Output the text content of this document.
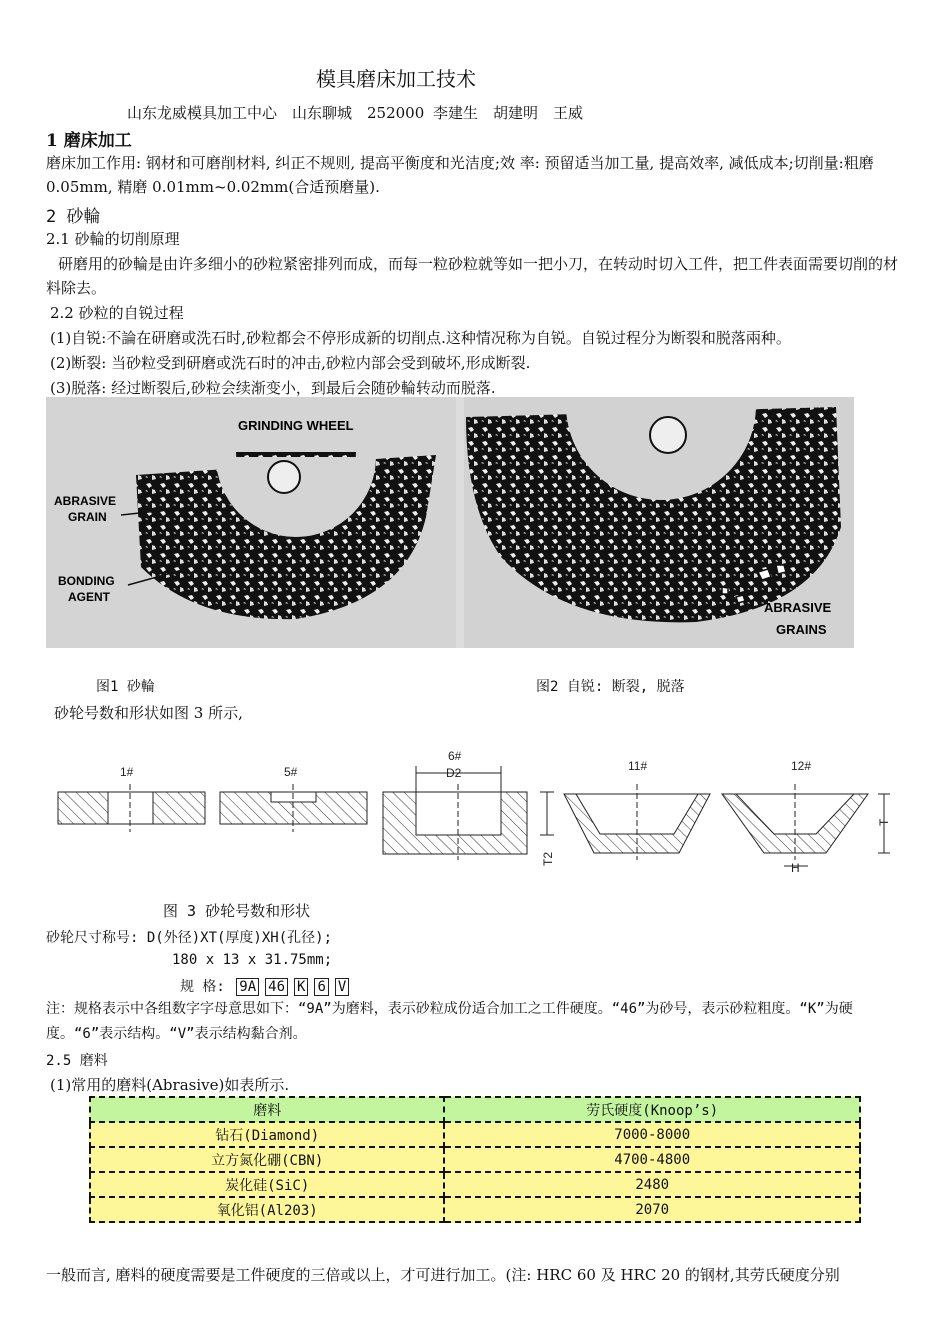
模具磨床加工技术
山东龙威模具加工中心　山东聊城　252000 李建生　胡建明　王威
1 磨床加工
磨床加工作用: 钢材和可磨削材料, 纠正不规则, 提高平衡度和光洁度;效 率: 预留适当加工量, 提高效率, 减低成本;切削量:粗磨 0.05mm, 精磨 0.01mm~0.02mm(合适预磨量).
2 砂輪
2.1 砂輪的切削原理
研磨用的砂輪是由许多细小的砂粒紧密排列而成，而每一粒砂粒就等如一把小刀，在转动时切入工件，把工件表面需要切削的材料除去。
2.2 砂粒的自锐过程
(1)自锐:不論在研磨或洗石时,砂粒都会不停形成新的切削点.这种情况称为自锐。自锐过程分为断裂和脱落兩种。
(2)断裂: 当砂粒受到研磨或洗石时的冲击,砂粒内部会受到破坏,形成断裂.
(3)脱落: 经过断裂后,砂粒会续渐变小，到最后会随砂輪转动而脱落.
GRINDING WHEEL
ABRASIVE
GRAIN
BONDING
AGENT
ABRASIVE
GRAINS
图1 砂輪	图2 自锐: 断裂, 脱落
砂轮号数和形状如图 3 所示,
1#	5#
6#
D2
T2
11#	12#
T
H
图 3 砂轮号数和形状
砂轮尺寸称号: D(外径)XT(厚度)XH(孔径);
180 x 13 x 31.75mm;
规 格: 9A 46 K 6 V
注：规格表示中各组数字字母意思如下：“9A”为磨料，表示砂粒成份适合加工之工件硬度。“46”为砂号，表示砂粒粗度。“K”为硬度。“6”表示结构。“V”表示结构黏合剂。
2.5 磨料
(1)常用的磨料(Abrasive)如表所示.
磨料	劳氏硬度(Knoop’s)
钻石(Diamond)	7000-8000
立方氮化硼(CBN)	4700-4800
炭化硅(SiC)	2480
氧化铝(Al203)	2070
一般而言, 磨料的硬度需要是工件硬度的三倍或以上，才可进行加工。(注: HRC 60 及 HRC 20 的钢材,其劳氏硬度分别
